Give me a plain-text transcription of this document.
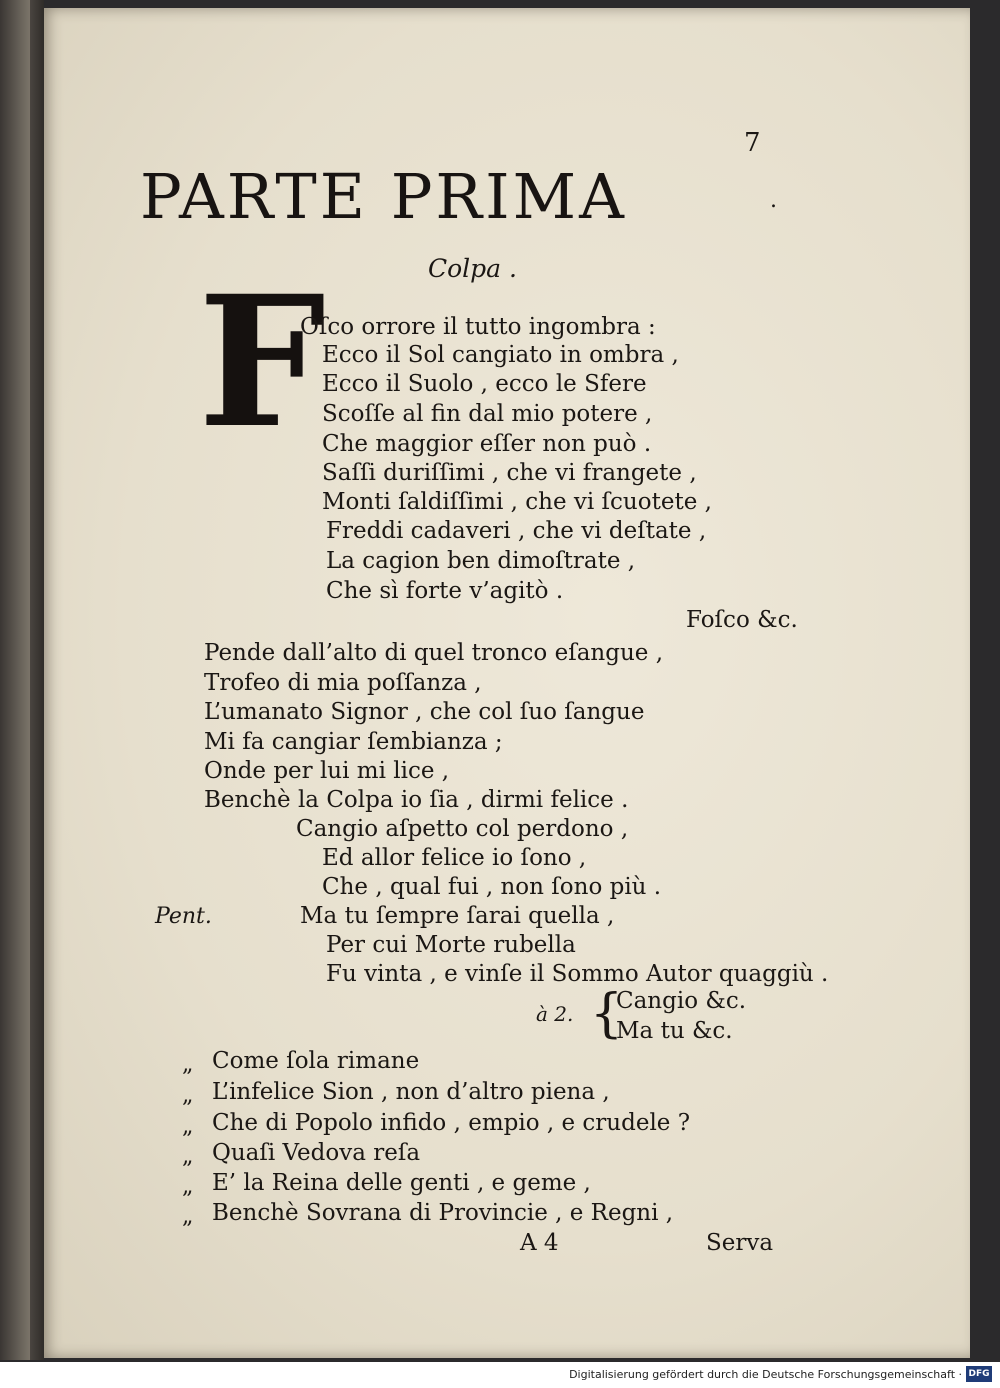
7
PARTE PRIMA	.
Colpa .
F
Oſco orrore il tutto ingombra :
Ecco il Sol cangiato in ombra ,
Ecco il Suolo , ecco le Sfere
Scoſſe al fin dal mio potere ,
Che maggior eſſer non può .
Saſſi duriſſimi , che vi frangete ,
Monti ſaldiſſimi , che vi ſcuotete ,
Freddi cadaveri , che vi deſtate ,
La cagion ben dimoſtrate ,
Che sì forte v’agitò .
Foſco &c.
Pende dall’alto di quel tronco eſangue ,
Trofeo di mia poſſanza ,
L’umanato Signor , che col ſuo ſangue
Mi fa cangiar ſembianza ;
Onde per lui mi lice ,
Benchè la Colpa io ſia , dirmi felice .
Cangio aſpetto col perdono ,
Ed allor felice io ſono ,
Che , qual fui , non ſono più .
Pent.	Ma tu ſempre ſarai quella ,
Per cui Morte rubella
Fu vinta , e vinſe il Sommo Autor quaggiù .
à 2. {
Cangio &c.
Ma tu &c.
„ Come ſola rimane
„ L’infelice Sion , non d’altro piena ,
„ Che di Popolo infido , empio , e crudele ?
„ Quaſi Vedova reſa
„ E’ la Reina delle genti , e geme ,
„ Benchè Sovrana di Provincie , e Regni ,
A 4	Serva
Digitalisierung gefördert durch die Deutsche Forschungsgemeinschaft · DFG
